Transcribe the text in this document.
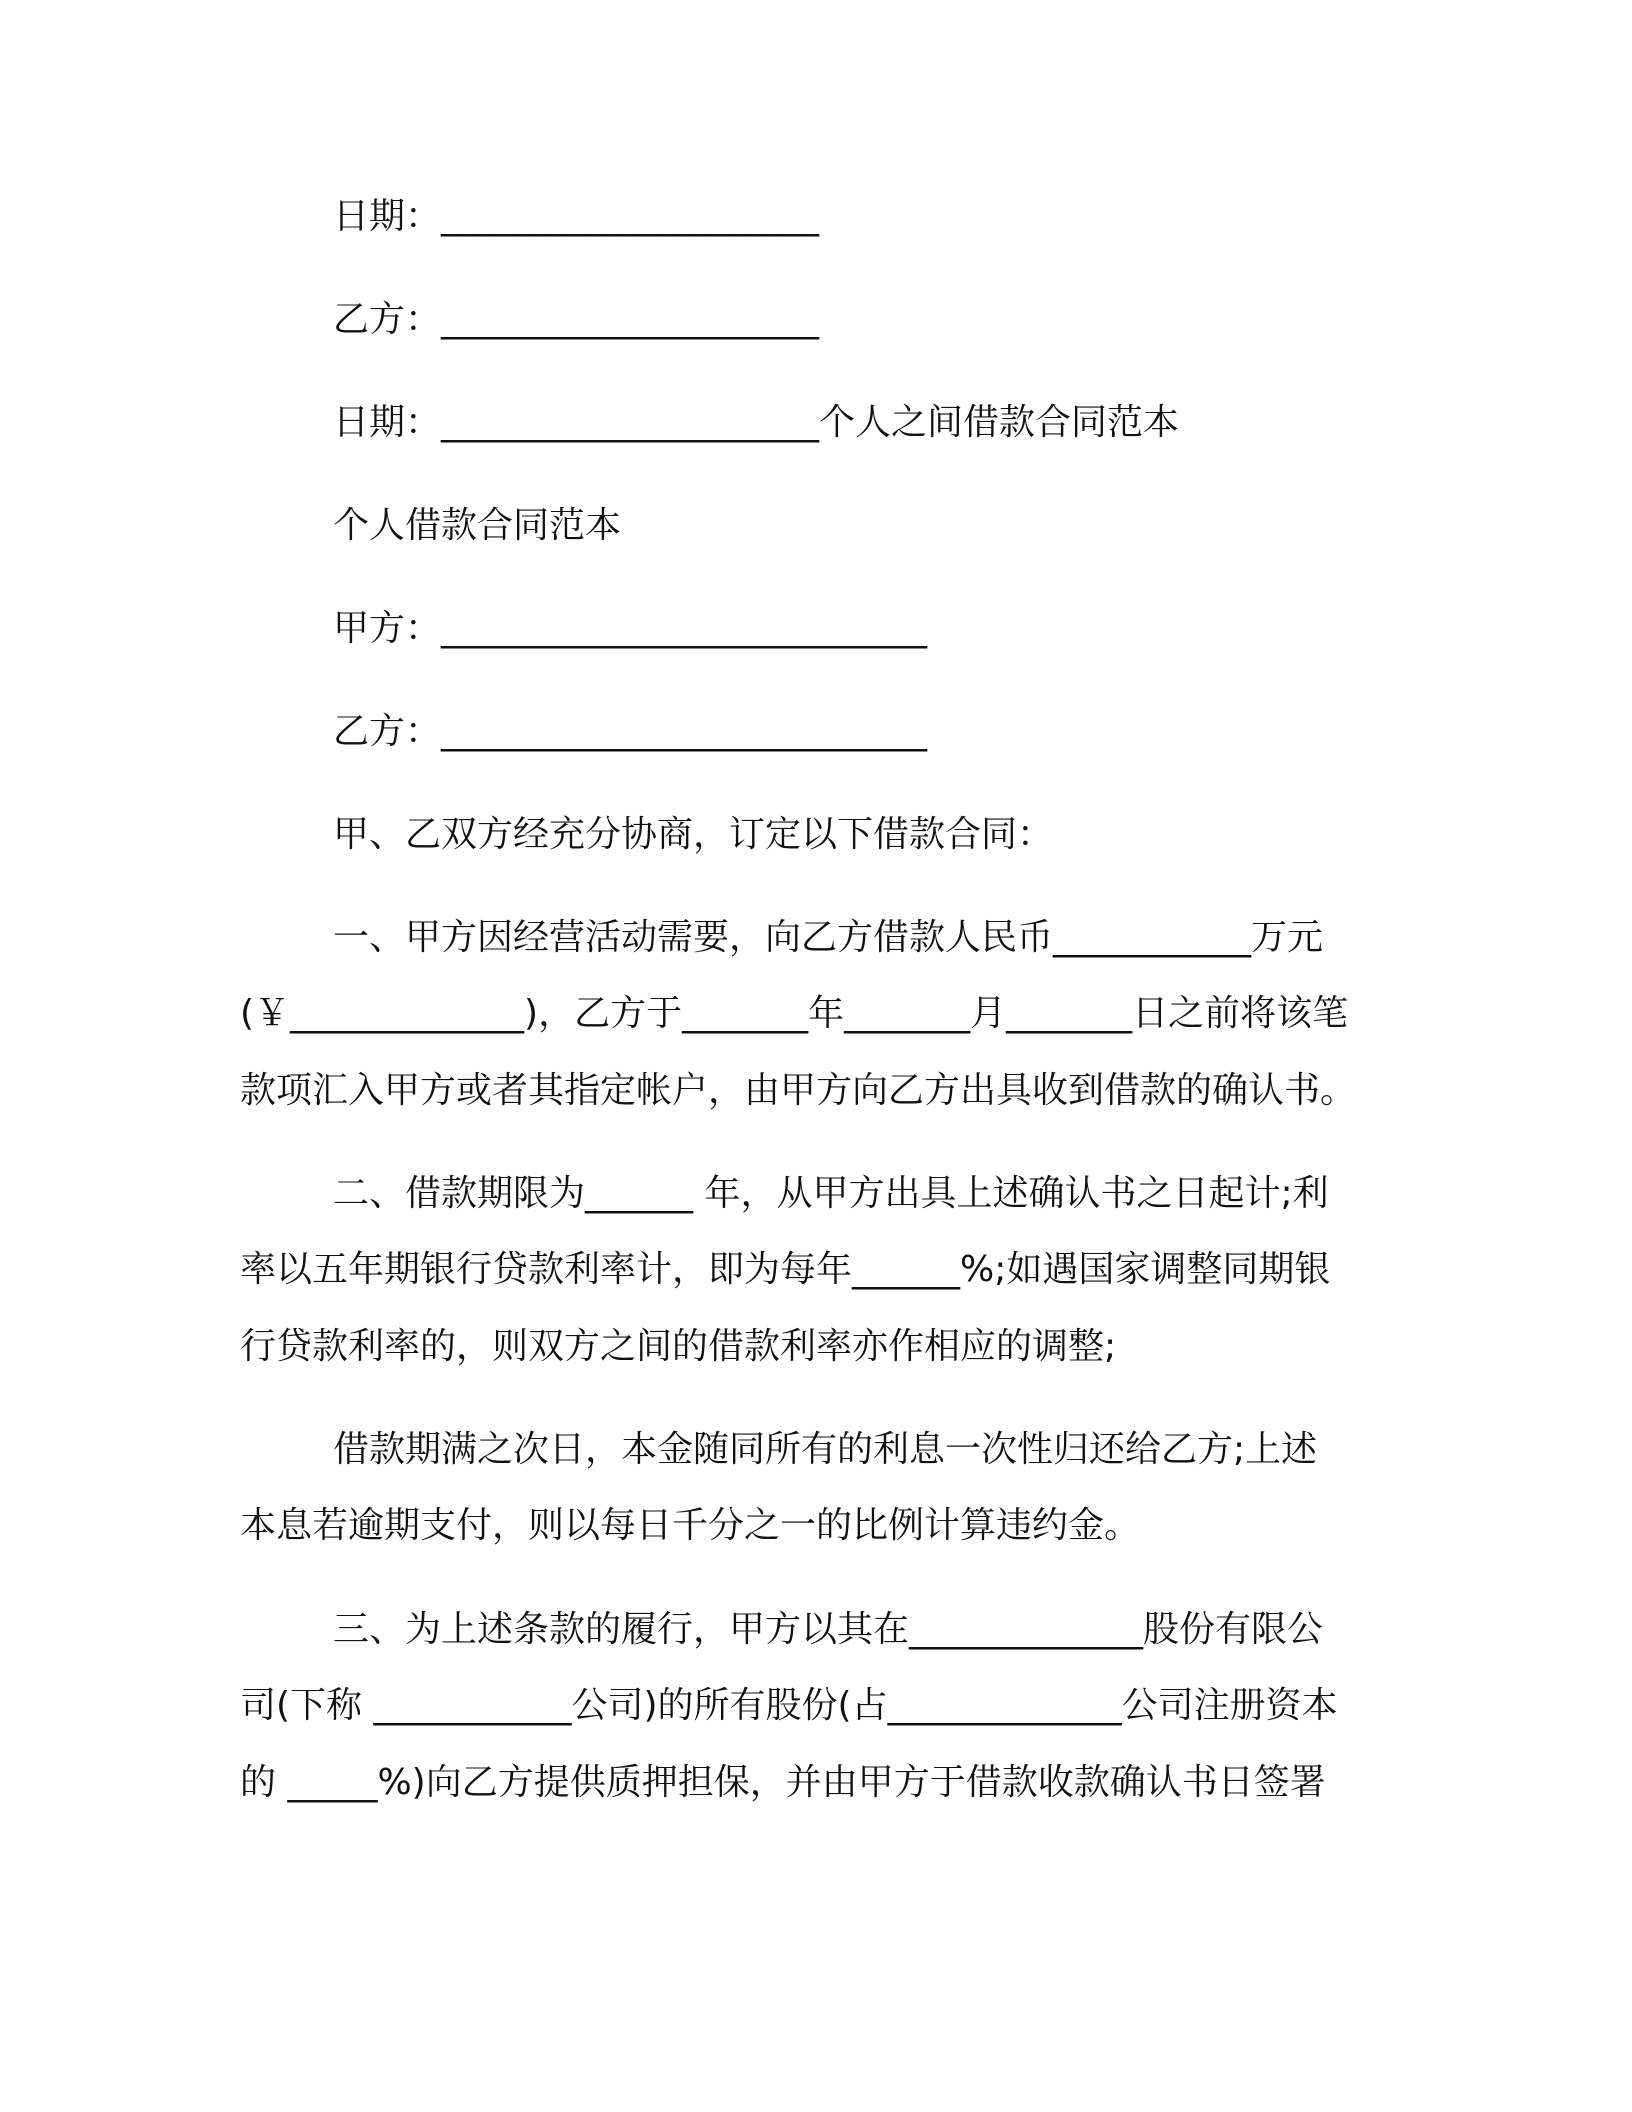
日期：_____________________
乙方：_____________________
日期：_____________________个人之间借款合同范本
个人借款合同范本
甲方：___________________________
乙方：___________________________
甲、乙双方经充分协商，订定以下借款合同：
一、甲方因经营活动需要，向乙方借款人民币___________万元
(￥_____________)，乙方于_______年_______月_______日之前将该笔
款项汇入甲方或者其指定帐户，由甲方向乙方出具收到借款的确认书。
二、借款期限为______ 年，从甲方出具上述确认书之日起计;利
率以五年期银行贷款利率计，即为每年______%;如遇国家调整同期银
行贷款利率的，则双方之间的借款利率亦作相应的调整;
借款期满之次日，本金随同所有的利息一次性归还给乙方;上述
本息若逾期支付，则以每日千分之一的比例计算违约金。
三、为上述条款的履行，甲方以其在_____________股份有限公
司(下称 ___________公司)的所有股份(占_____________公司注册资本
的 _____%)向乙方提供质押担保，并由甲方于借款收款确认书日签署
